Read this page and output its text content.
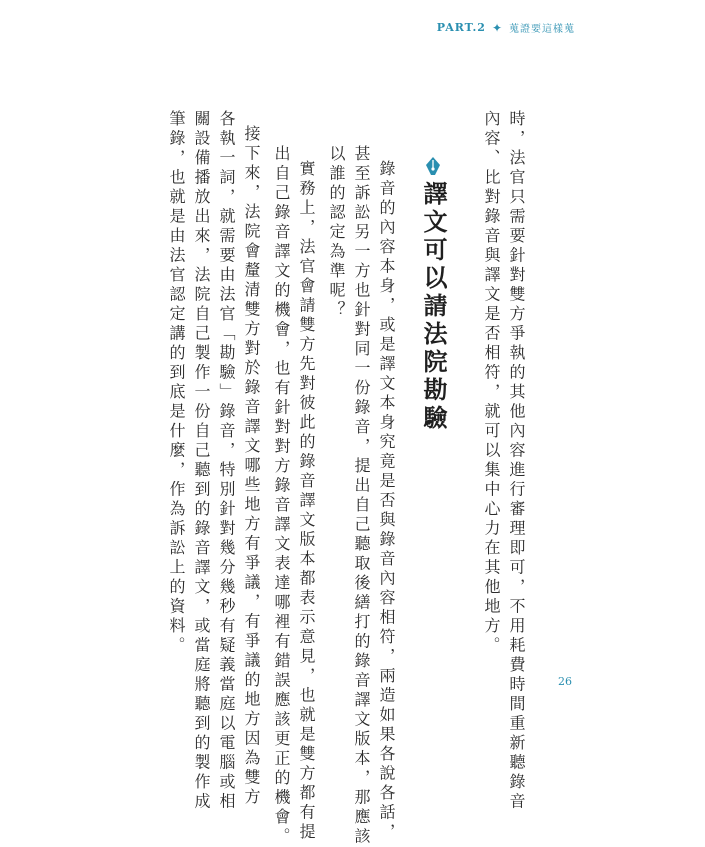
PART.2 ✦ 蒐證要這樣蒐
時，法官只需要針對雙方爭執的其他內容進行審理即可，不用耗費時間重新聽錄音
內容、比對錄音與譯文是否相符，就可以集中心力在其他地方。
譯文可以請法院勘驗
錄音的內容本身，或是譯文本身究竟是否與錄音內容相符，兩造如果各說各話，
甚至訴訟另一方也針對同一份錄音，提出自己聽取後繕打的錄音譯文版本，那應該
以誰的認定為準呢？
實務上，法官會請雙方先對彼此的錄音譯文版本都表示意見，也就是雙方都有提
出自己錄音譯文的機會，也有針對對方錄音譯文表達哪裡有錯誤應該更正的機會。
接下來，法院會釐清雙方對於錄音譯文哪些地方有爭議，有爭議的地方因為雙方
各執一詞，就需要由法官「勘驗」錄音，特別針對幾分幾秒有疑義當庭以電腦或相
關設備播放出來，法院自己製作一份自己聽到的錄音譯文，或當庭將聽到的製作成
筆錄，也就是由法官認定講的到底是什麼，作為訴訟上的資料。
26
